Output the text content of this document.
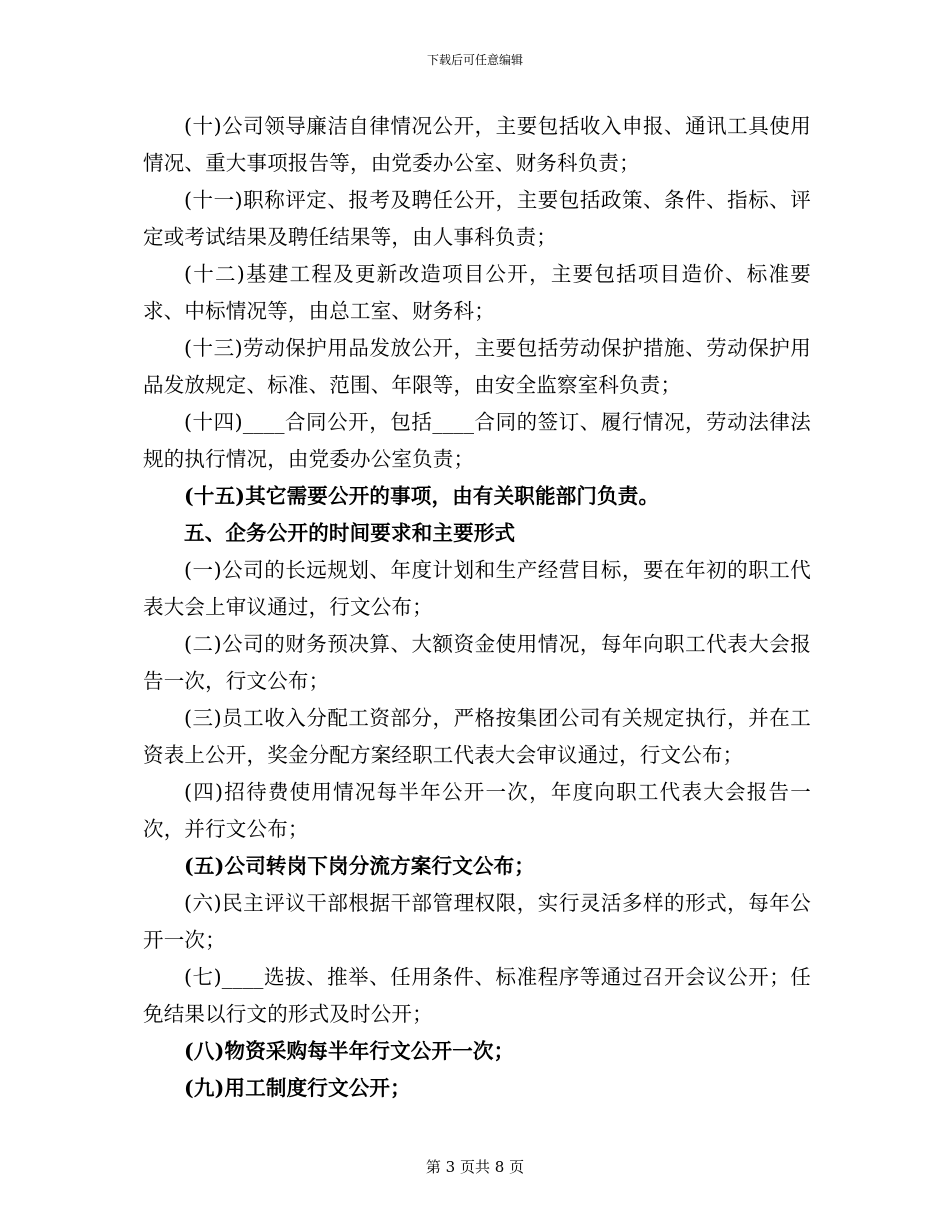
下载后可任意编辑

(十)公司领导廉洁自律情况公开，主要包括收入申报、通讯工具使用情况、重大事项报告等，由党委办公室、财务科负责；

(十一)职称评定、报考及聘任公开，主要包括政策、条件、指标、评定或考试结果及聘任结果等，由人事科负责；

(十二)基建工程及更新改造项目公开，主要包括项目造价、标准要求、中标情况等，由总工室、财务科；

(十三)劳动保护用品发放公开，主要包括劳动保护措施、劳动保护用品发放规定、标准、范围、年限等，由安全监察室科负责；

(十四)____合同公开，包括____合同的签订、履行情况，劳动法律法规的执行情况，由党委办公室负责；

(十五)其它需要公开的事项，由有关职能部门负责。

五、企务公开的时间要求和主要形式

(一)公司的长远规划、年度计划和生产经营目标，要在年初的职工代表大会上审议通过，行文公布；

(二)公司的财务预决算、大额资金使用情况，每年向职工代表大会报告一次，行文公布；

(三)员工收入分配工资部分，严格按集团公司有关规定执行，并在工资表上公开，奖金分配方案经职工代表大会审议通过，行文公布；

(四)招待费使用情况每半年公开一次，年度向职工代表大会报告一次，并行文公布；

(五)公司转岗下岗分流方案行文公布；

(六)民主评议干部根据干部管理权限，实行灵活多样的形式，每年公开一次；

(七)____选拔、推举、任用条件、标准程序等通过召开会议公开；任免结果以行文的形式及时公开；

(八)物资采购每半年行文公开一次；

(九)用工制度行文公开；

第 3 页共 8 页
